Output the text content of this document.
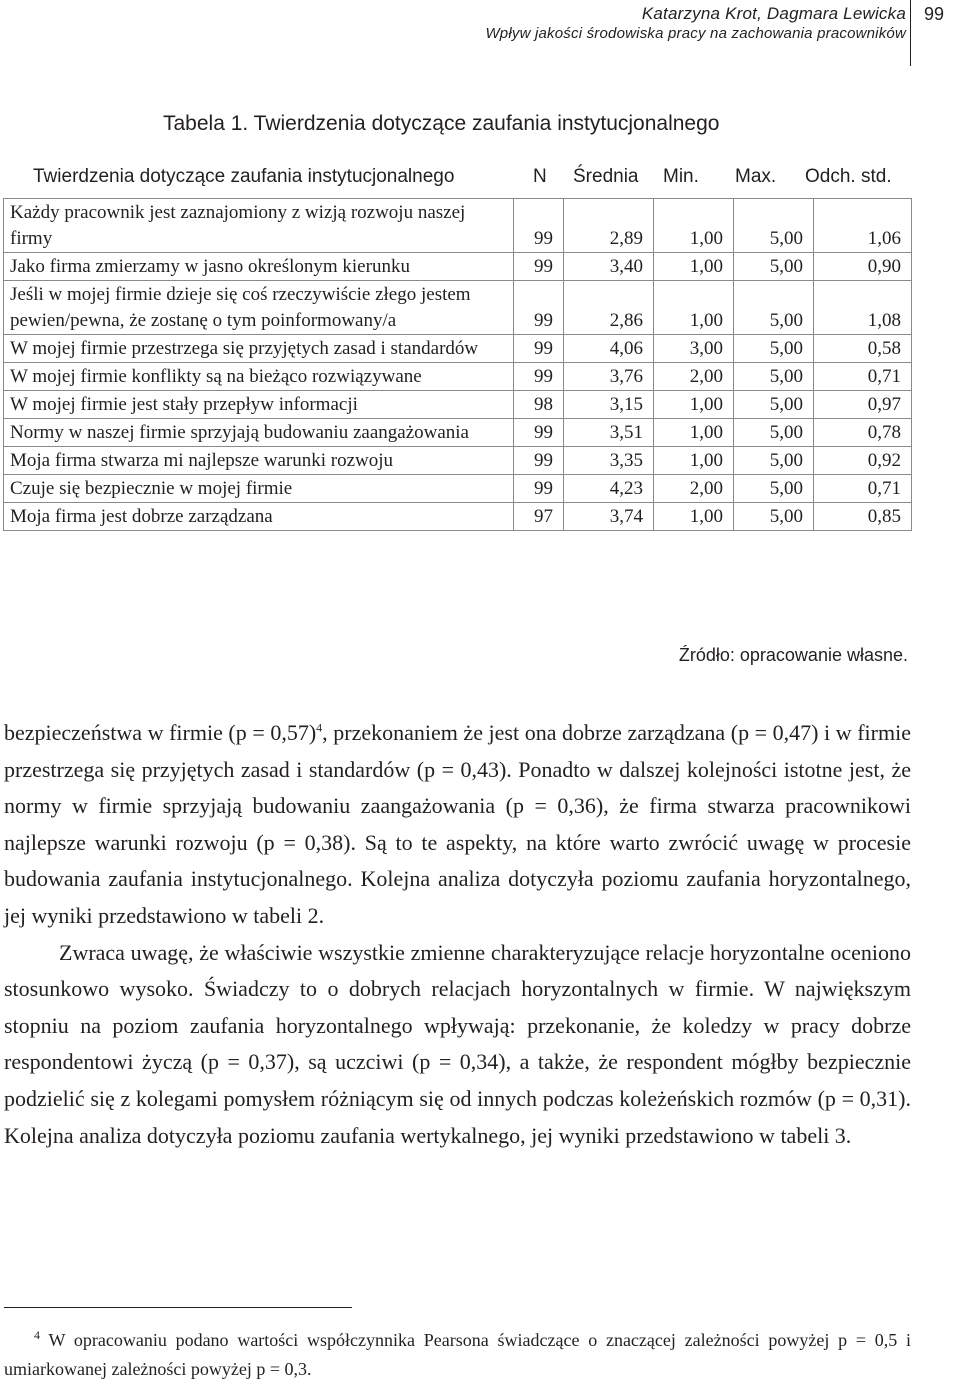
Katarzyna Krot, Dagmara Lewicka
Wpływ jakości środowiska pracy na zachowania pracowników
99
Tabela 1. Twierdzenia dotyczące zaufania instytucjonalnego
Twierdzenia dotyczące zaufania instytucjonalnego	N Średnia Min. Max. Odch. std.
Każdy pracownik jest zaznajomiony z wizją rozwoju naszej firmy	99	2,89	1,00	5,00	1,06
Jako firma zmierzamy w jasno określonym kierunku	99	3,40	1,00	5,00	0,90
Jeśli w mojej firmie dzieje się coś rzeczywiście złego jestem pewien/pewna, że zostanę o tym poinformowany/a	99	2,86	1,00	5,00	1,08
W mojej firmie przestrzega się przyjętych zasad i standardów	99	4,06	3,00	5,00	0,58
W mojej firmie konflikty są na bieżąco rozwiązywane	99	3,76	2,00	5,00	0,71
W mojej firmie jest stały przepływ informacji	98	3,15	1,00	5,00	0,97
Normy w naszej firmie sprzyjają budowaniu zaangażowania	99	3,51	1,00	5,00	0,78
Moja firma stwarza mi najlepsze warunki rozwoju	99	3,35	1,00	5,00	0,92
Czuje się bezpiecznie w mojej firmie	99	4,23	2,00	5,00	0,71
Moja firma jest dobrze zarządzana	97	3,74	1,00	5,00	0,85
Źródło: opracowanie własne.

bezpieczeństwa w firmie (p = 0,57)$^4$, przekonaniem że jest ona dobrze zarządzana (p = 0,47) i w firmie przestrzega się przyjętych zasad i standardów (p = 0,43). Ponadto w dalszej kolejności istotne jest, że normy w firmie sprzyjają budowaniu zaangażowania (p = 0,36), że firma stwarza pracownikowi najlepsze warunki rozwoju (p = 0,38). Są to te aspekty, na które warto zwrócić uwagę w procesie budowania zaufania instytucjonalnego. Kolejna analiza dotyczyła poziomu zaufania horyzontalnego, jej wyniki przedstawiono w tabeli 2.

Zwraca uwagę, że właściwie wszystkie zmienne charakteryzujące relacje horyzontalne oceniono stosunkowo wysoko. Świadczy to o dobrych relacjach horyzontalnych w firmie. W największym stopniu na poziom zaufania horyzontalnego wpływają: przekonanie, że koledzy w pracy dobrze respondentowi życzą (p = 0,37), są uczciwi (p = 0,34), a także, że respondent mógłby bezpiecznie podzielić się z kolegami pomysłem różniącym się od innych podczas koleżeńskich rozmów (p = 0,31). Kolejna analiza dotyczyła poziomu zaufania wertykalnego, jej wyniki przedstawiono w tabeli 3.

$^4$ W opracowaniu podano wartości współczynnika Pearsona świadczące o znaczącej zależności powyżej p = 0,5 i umiarkowanej zależności powyżej p = 0,3.
